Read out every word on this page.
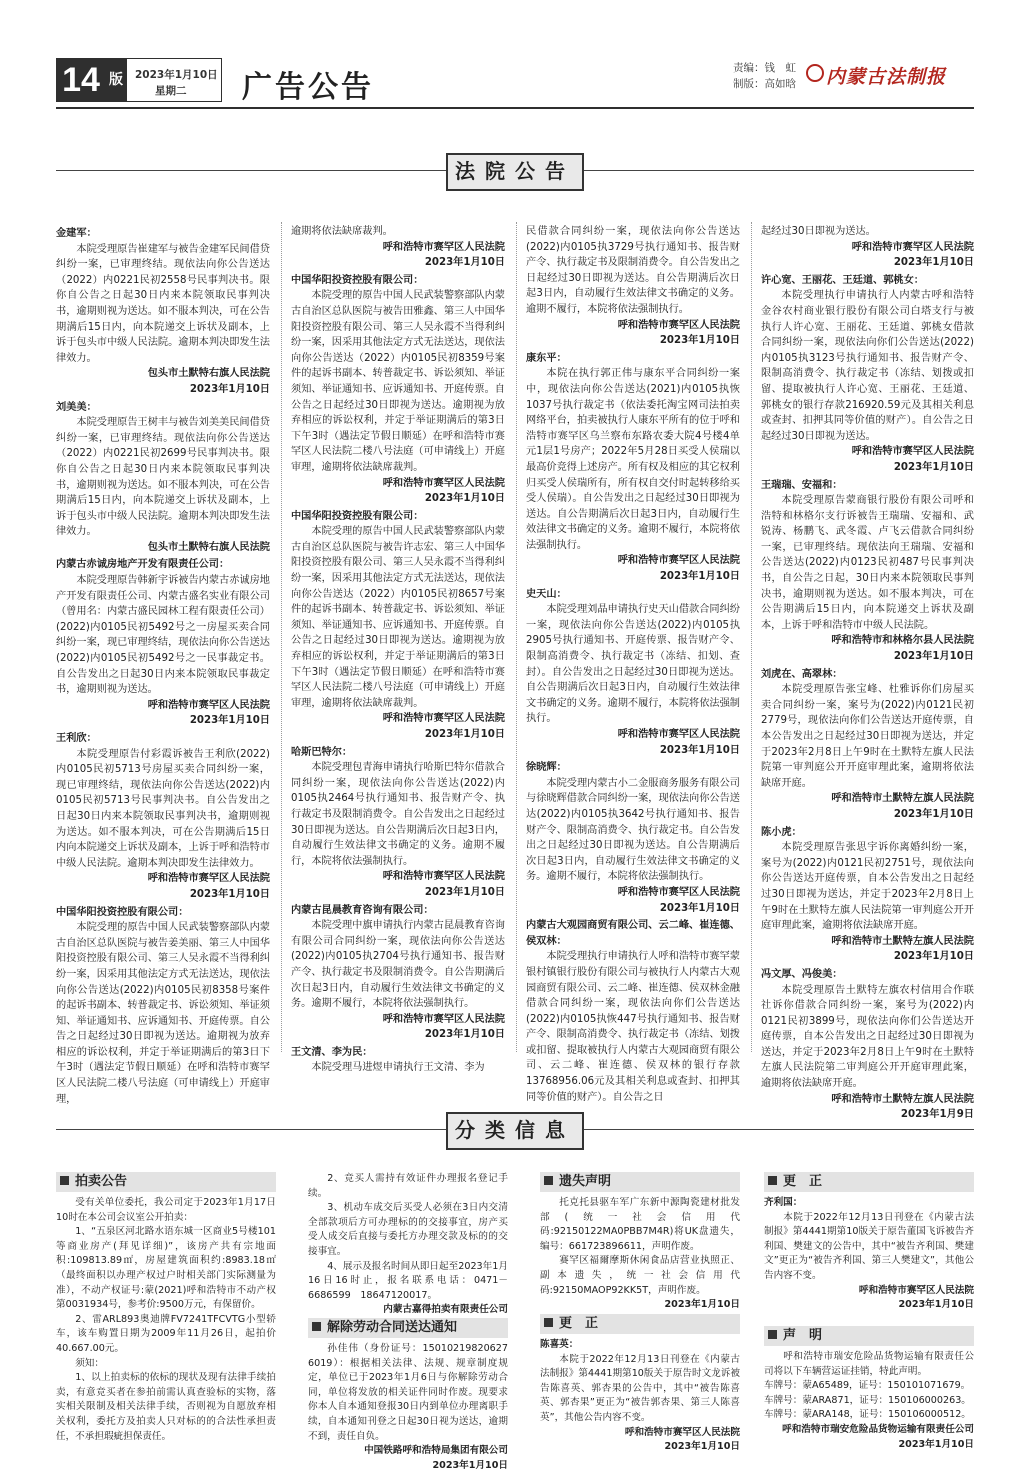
14 版 2023年1月10日
星期二	广告公告
责编：钱　虹
制版：高如晗 内蒙古法制报
法院公告
金建军：
本院受理原告崔建军与被告金建军民间借贷纠纷一案，已审理终结。现依法向你公告送达（2022）内0221民初2558号民事判决书。限你自公告之日起30日内来本院领取民事判决书，逾期则视为送达。如不服本判决，可在公告期满后15日内，向本院递交上诉状及副本，上诉于包头市中级人民法院。逾期本判决即发生法律效力。
包头市土默特右旗人民法院
2023年1月10日
刘美美：
本院受理原告王树丰与被告刘美美民间借贷纠纷一案，已审理终结。现依法向你公告送达（2022）内0221民初2699号民事判决书。限你自公告之日起30日内来本院领取民事判决书，逾期则视为送达。如不服本判决，可在公告期满后15日内，向本院递交上诉状及副本，上诉于包头市中级人民法院。逾期本判决即发生法律效力。
包头市土默特右旗人民法院
内蒙古赤诚房地产开发有限责任公司：
本院受理原告韩新宇诉被告内蒙古赤诚房地产开发有限责任公司、内蒙古盛名实业有限公司（曾用名：内蒙古盛民园林工程有限责任公司）(2022)内0105民初5492号之一房屋买卖合同纠纷一案，现已审理终结，现依法向你公告送达(2022)内0105民初5492号之一民事裁定书。自公告发出之日起30日内来本院领取民事裁定书，逾期则视为送达。
呼和浩特市赛罕区人民法院
2023年1月10日
王利欣：
本院受理原告付彩霞诉被告王利欣(2022)内0105民初5713号房屋买卖合同纠纷一案，现已审理终结，现依法向你公告送达(2022)内0105民初5713号民事判决书。自公告发出之日起30日内来本院领取民事判决书，逾期则视为送达。如不服本判决，可在公告期满后15日内向本院递交上诉状及副本，上诉于呼和浩特市中级人民法院。逾期本判决即发生法律效力。
呼和浩特市赛罕区人民法院
2023年1月10日
中国华阳投资控股有限公司：
本院受理的原告中国人民武装警察部队内蒙古自治区总队医院与被告姜美丽、第三人中国华阳投资控股有限公司、第三人吴永霞不当得利纠纷一案，因采用其他法定方式无法送达，现依法向你公告送达(2022)内0105民初8358号案件的起诉书副本、转普裁定书、诉讼须知、举证须知、举证通知书、应诉通知书、开庭传票。自公告之日起经过30日即视为送达。逾期视为放弃相应的诉讼权利，并定于举证期满后的第3日下午3时（遇法定节假日顺延）在呼和浩特市赛罕区人民法院二楼八号法庭（可申请线上）开庭审理，
逾期将依法缺席裁判。
呼和浩特市赛罕区人民法院
2023年1月10日
中国华阳投资控股有限公司：
本院受理的原告中国人民武装警察部队内蒙古自治区总队医院与被告田雅鑫、第三人中国华阳投资控股有限公司、第三人吴永霞不当得利纠纷一案，因采用其他法定方式无法送达，现依法向你公告送达（2022）内0105民初8359号案件的起诉书副本、转普裁定书、诉讼须知、举证须知、举证通知书、应诉通知书、开庭传票。自公告之日起经过30日即视为送达。逾期视为放弃相应的诉讼权利，并定于举证期满后的第3日下午3时（遇法定节假日顺延）在呼和浩特市赛罕区人民法院二楼八号法庭（可申请线上）开庭审理，逾期将依法缺席裁判。
呼和浩特市赛罕区人民法院
2023年1月10日
中国华阳投资控股有限公司：
本院受理的原告中国人民武装警察部队内蒙古自治区总队医院与被告许志宏、第三人中国华阳投资控股有限公司、第三人吴永霞不当得利纠纷一案，因采用其他法定方式无法送达，现依法向你公告送达（2022）内0105民初8657号案件的起诉书副本、转普裁定书、诉讼须知、举证须知、举证通知书、应诉通知书、开庭传票。自公告之日起经过30日即视为送达。逾期视为放弃相应的诉讼权利，并定于举证期满后的第3日下午3时（遇法定节假日顺延）在呼和浩特市赛罕区人民法院二楼八号法庭（可申请线上）开庭审理，逾期将依法缺席裁判。
呼和浩特市赛罕区人民法院
2023年1月10日
哈斯巴特尔：
本院受理包青海申请执行哈斯巴特尔借款合同纠纷一案，现依法向你公告送达(2022)内0105执2464号执行通知书、报告财产令、执行裁定书及限制消费令。自公告发出之日起经过30日即视为送达。自公告期满后次日起3日内，自动履行生效法律文书确定的义务。逾期不履行，本院将依法强制执行。
呼和浩特市赛罕区人民法院
2023年1月10日
内蒙古昆晨教育咨询有限公司：
本院受理中旗申请执行内蒙古昆晨教育咨询有限公司合同纠纷一案，现依法向你公告送达(2022)内0105执2704号执行通知书、报告财产令、执行裁定书及限制消费令。自公告期满后次日起3日内，自动履行生效法律文书确定的义务。逾期不履行，本院将依法强制执行。
呼和浩特市赛罕区人民法院
2023年1月10日
王文清、李为民：
本院受理马进煜申请执行王文清、李为
民借款合同纠纷一案，现依法向你公告送达(2022)内0105执3729号执行通知书、报告财产令、执行裁定书及限制消费令。自公告发出之日起经过30日即视为送达。自公告期满后次日起3日内，自动履行生效法律文书确定的义务。逾期不履行，本院将依法强制执行。
呼和浩特市赛罕区人民法院
2023年1月10日
康东平：
本院在执行郭正伟与康东平合同纠纷一案中，现依法向你公告送达(2021)内0105执恢1037号执行裁定书（依法委托淘宝网司法拍卖网络平台，拍卖被执行人康东平所有的位于呼和浩特市赛罕区乌兰察布东路农委大院4号楼4单元1层1号房产；2022年5月28日买受人侯瑞以最高价竞得上述房产。所有权及相应的其它权利归买受人侯瑞所有，所有权自交付时起转移给买受人侯瑞）。自公告发出之日起经过30日即视为送达。自公告期满后次日起3日内，自动履行生效法律文书确定的义务。逾期不履行，本院将依法强制执行。
呼和浩特市赛罕区人民法院
2023年1月10日
史天山：
本院受理刘晶申请执行史天山借款合同纠纷一案，现依法向你公告送达(2022)内0105执2905号执行通知书、开庭传票、报告财产令、限制高消费令、执行裁定书（冻结、扣划、查封）。自公告发出之日起经过30日即视为送达。自公告期满后次日起3日内，自动履行生效法律文书确定的义务。逾期不履行，本院将依法强制执行。
呼和浩特市赛罕区人民法院
2023年1月10日
徐晓辉：
本院受理内蒙古小二金服商务服务有限公司与徐晓辉借款合同纠纷一案，现依法向你公告送达(2022)内0105执3642号执行通知书、报告财产令、限制高消费令、执行裁定书。自公告发出之日起经过30日即视为送达。自公告期满后次日起3日内，自动履行生效法律文书确定的义务。逾期不履行，本院将依法强制执行。
呼和浩特市赛罕区人民法院
2023年1月10日
内蒙古大观园商贸有限公司、云二峰、崔连德、侯双林：
本院受理执行申请执行人呼和浩特市赛罕蒙银村镇银行股份有限公司与被执行人内蒙古大观园商贸有限公司、云二峰、崔连德、侯双林金融借款合同纠纷一案，现依法向你们公告送达(2022)内0105执恢447号执行通知书、报告财产令、限制高消费令、执行裁定书（冻结、划拨或扣留、提取被执行人内蒙古大观园商贸有限公司、云二峰、崔连德、侯双林的银行存款13768956.06元及其相关利息或查封、扣押其同等价值的财产）。自公告之日
起经过30日即视为送达。
呼和浩特市赛罕区人民法院
2023年1月10日
许心宽、王丽花、王廷道、郭桃女：
本院受理执行申请执行人内蒙古呼和浩特金谷农村商业银行股份有限公司白塔支行与被执行人许心宽、王丽花、王廷道、郭桃女借款合同纠纷一案，现依法向你们公告送达(2022)内0105执3123号执行通知书、报告财产令、限制高消费令、执行裁定书（冻结、划拨或扣留、提取被执行人许心宽、王丽花、王廷道、郭桃女的银行存款216920.59元及其相关利息或查封、扣押其同等价值的财产）。自公告之日起经过30日即视为送达。
呼和浩特市赛罕区人民法院
2023年1月10日
王瑞瑞、安福和：
本院受理原告蒙商银行股份有限公司呼和浩特和林格尔支行诉被告王瑞瑞、安福和、武锐涛、杨鹏飞、武冬霞、卢飞云借款合同纠纷一案，已审理终结。现依法向王瑞瑞、安福和公告送达(2022)内0123民初487号民事判决书，自公告之日起，30日内来本院领取民事判决书，逾期则视为送达。如不服本判决，可在公告期满后15日内，向本院递交上诉状及副本，上诉于呼和浩特市中级人民法院。
呼和浩特市和林格尔县人民法院
2023年1月10日
刘虎在、高翠林：
本院受理原告张宝峰、杜雅诉你们房屋买卖合同纠纷一案，案号为(2022)内0121民初2779号，现依法向你们公告送达开庭传票，自本公告发出之日起经过30日即视为送达，并定于2023年2月8日上午9时在土默特左旗人民法院第一审判庭公开开庭审理此案，逾期将依法缺席开庭。
呼和浩特市土默特左旗人民法院
2023年1月10日
陈小虎：
本院受理原告张思宇诉你离婚纠纷一案，案号为(2022)内0121民初2751号，现依法向你公告送达开庭传票，自本公告发出之日起经过30日即视为送达，并定于2023年2月8日上午9时在土默特左旗人民法院第一审判庭公开开庭审理此案，逾期将依法缺席开庭。
呼和浩特市土默特左旗人民法院
2023年1月10日
冯文厚、冯俊美：
本院受理原告土默特左旗农村信用合作联社诉你借款合同纠纷一案，案号为(2022)内0121民初3899号，现依法向你们公告送达开庭传票，自本公告发出之日起经过30日即视为送达，并定于2023年2月8日上午9时在土默特左旗人民法院第二审判庭公开开庭审理此案，逾期将依法缺席开庭。
呼和浩特市土默特左旗人民法院
2023年1月9日
分类信息
拍卖公告

受有关单位委托，我公司定于2023年1月17日10时在本公司会议室公开拍卖：

1、“五泉区河北路水语东城一区商业5号楼101等商业房产(拜见详细)”，该房产共有宗地面积:109813.89㎡，房屋建筑面积约:8983.18㎡（最终面积以办理产权过户时相关部门实际测量为准），不动产权证号:蒙(2021)呼和浩特市不动产权第0031934号，参考价:9500万元，有保留价。

2、雷ARL893奥迪牌FV7241TFCVTG小型轿车，该车购置日期为2009年11月26日，起拍价40.667.00元。

须知：

1、以上拍卖标的依标的现状及现有法律手续拍卖，有意竞买者在参拍前需认真查验标的实物，落实相关限制及相关法律手续，否则视为自愿放弃相关权利，委托方及拍卖人只对标的的合法性承担责任，不承担瑕疵担保责任。

2、竞买人需持有效证件办理报名登记手续。

3、机动车成交后买受人必须在3日内交清全部款项后方可办理标的的交接事宜，房产买受人成交后直接与委托方办理交款及标的的交接事宜。

4、展示及报名时间从即日起至2023年1月16日16时止，报名联系电话：0471－6686599　18647120017。

内蒙古嘉得拍卖有限责任公司

解除劳动合同送达通知

孙佳伟（身份证号：15010219820627​6019）：根据相关法律、法规、规章制度规定，单位已于2023年1月6日与你解除劳动合同，单位将发放的相关证件同时作废。现要求你本人自本通知登报30日内到单位办理离职手续，自本通知刊登之日起30日视为送达，逾期不到，责任自负。

中国铁路呼和浩特局集团有限公司

2023年1月10日

遗失声明

托克托县驱车军广东新中源陶瓷建材批发部(统一社会信用代码:92150122MA0PBB7M4R)将UK盘遗失，编号：661723896611，声明作废。

赛罕区福爾摩斯休闲食品店营业执照正、副本遗失，统一社会信用代码:92150MAOP92KK5T，声明作废。

2023年1月10日

更　正

陈喜英：

本院于2022年12月13日刊登在《内蒙古法制报》第4441期第10版关于原告时文龙诉被告陈喜英、郭杏果的公告中，其中“被告陈喜英、郭杏果”更正为“被告郭杏果、第三人陈喜英”，其他公告内容不变。

呼和浩特市赛罕区人民法院

2023年1月10日

更　正

齐利国：

本院于2022年12月13日刊登在《内蒙古法制报》第4441期第10版关于原告董国飞诉被告齐利国、樊建文的公告中，其中“被告齐利国、樊建文”更正为“被告齐利国、第三人樊建文”，其他公告内容不变。

呼和浩特市赛罕区人民法院

2023年1月10日

声　明

呼和浩特市瑞安危险品货物运输有限责任公司将以下车辆营运证挂销，特此声明。

车牌号：蒙A65489，证号：150101071679。

车牌号：蒙ARA871，证号：150106000263。

车牌号：蒙ARA148，证号：150106000512。

呼和浩特市瑞安危险品货物运输有限责任公司

2023年1月10日
